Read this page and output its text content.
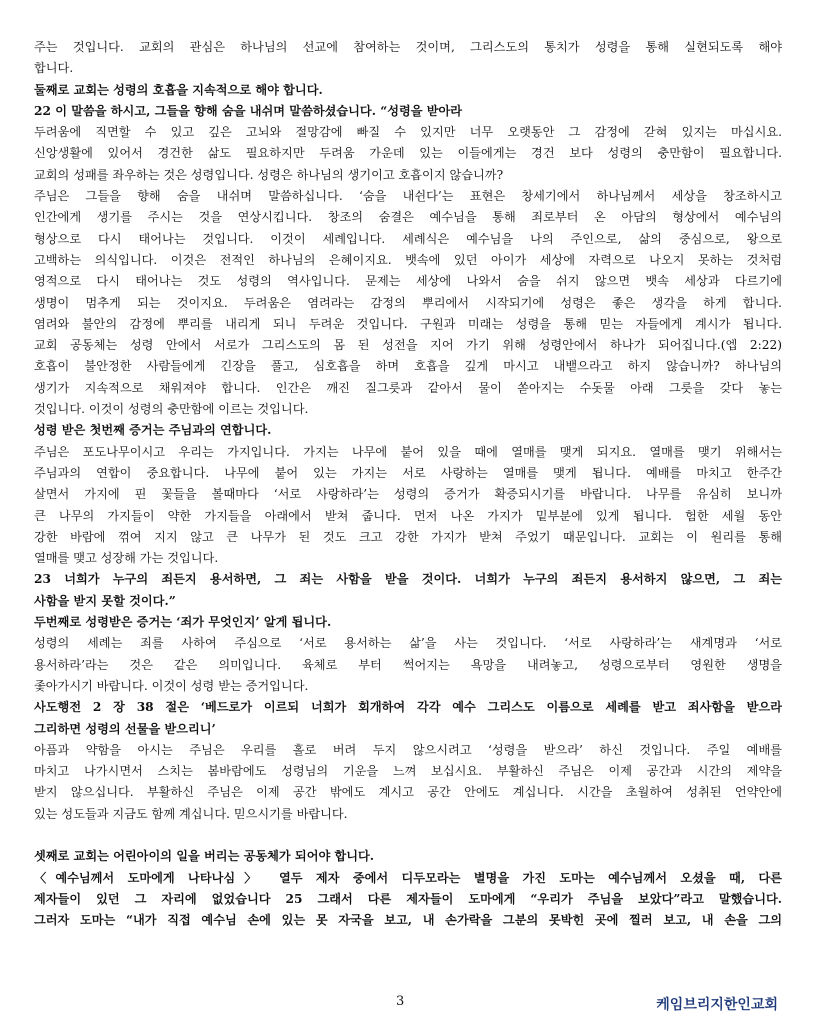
주는 것입니다. 교회의 관심은 하나님의 선교에 참여하는 것이며, 그리스도의 통치가 성령을 통해 실현되도록 해야
합니다.
둘째로 교회는 성령의 호흡을 지속적으로 해야 합니다.
22 이 말씀을 하시고, 그들을 향해 숨을 내쉬며 말씀하셨습니다. “성령을 받아라
두려움에 직면할 수 있고 깊은 고뇌와 절망감에 빠질 수 있지만 너무 오랫동안 그 감정에 갇혀 있지는 마십시요.
신앙생활에 있어서 경건한 삶도 필요하지만 두려움 가운데 있는 이들에게는 경건 보다 성령의 충만함이 필요합니다.
교회의 성패를 좌우하는 것은 성령입니다. 성령은 하나님의 생기이고 호흡이지 않습니까?
주님은 그들을 향해 숨을 내쉬며 말씀하십니다. ‘숨을 내쉰다’는 표현은 창세기에서 하나님께서 세상을 창조하시고
인간에게 생기를 주시는 것을 연상시킵니다. 창조의 숨결은 예수님을 통해 죄로부터 온 아담의 형상에서 예수님의
형상으로 다시 태어나는 것입니다. 이것이 세례입니다. 세례식은 예수님을 나의 주인으로, 삶의 중심으로, 왕으로
고백하는 의식입니다. 이것은 전적인 하나님의 은혜이지요. 뱃속에 있던 아이가 세상에 자력으로 나오지 못하는 것처럼
영적으로 다시 태어나는 것도 성령의 역사입니다. 문제는 세상에 나와서 숨을 쉬지 않으면 뱃속 세상과 다르기에
생명이 멈추게 되는 것이지요. 두려움은 염려라는 감정의 뿌리에서 시작되기에 성령은 좋은 생각을 하게 합니다.
염려와 불안의 감정에 뿌리를 내리게 되니 두려운 것입니다. 구원과 미래는 성령을 통해 믿는 자들에게 계시가 됩니다.
교회 공동체는 성령 안에서 서로가 그리스도의 몸 된 성전을 지어 가기 위해 성령안에서 하나가 되어집니다.(엡 2:22)
호흡이 불안정한 사람들에게 긴장을 풀고, 심호흡을 하며 호흡을 깊게 마시고 내뱉으라고 하지 않습니까? 하나님의
생기가 지속적으로 채워져야 합니다. 인간은 깨진 질그릇과 같아서 물이 쏟아지는 수돗물 아래 그릇을 갖다 놓는
것입니다. 이것이 성령의 충만함에 이르는 것입니다.
성령 받은 첫번째 증거는 주님과의 연합니다.
주님은 포도나무이시고 우리는 가지입니다. 가지는 나무에 붙어 있을 때에 열매를 맺게 되지요. 열매를 맺기 위해서는
주님과의 연합이 중요합니다. 나무에 붙어 있는 가지는 서로 사랑하는 열매를 맺게 됩니다. 예배를 마치고 한주간
살면서 가지에 핀 꽃들을 볼때마다 ‘서로 사랑하라’는 성령의 증거가 확증되시기를 바랍니다. 나무를 유심히 보니까
큰 나무의 가지들이 약한 가지들을 아래에서 받쳐 줍니다. 먼저 나온 가지가 밑부분에 있게 됩니다. 험한 세월 동안
강한 바람에 꺾여 지지 않고 큰 나무가 된 것도 크고 강한 가지가 받쳐 주었기 때문입니다. 교회는 이 원리를 통해
열매를 맺고 성장해 가는 것입니다.
23 너희가 누구의 죄든지 용서하면, 그 죄는 사함을 받을 것이다. 너희가 누구의 죄든지 용서하지 않으면, 그 죄는
사함을 받지 못할 것이다.”
두번째로 성령받은 증거는 ‘죄가 무엇인지’ 알게 됩니다.
성령의 세례는 죄를 사하여 주심으로 ‘서로 용서하는 삶’을 사는 것입니다. ‘서로 사랑하라’는 새계명과 ‘서로
용서하라’라는 것은 같은 의미입니다. 육체로 부터 썩어지는 욕망을 내려놓고, 성령으로부터 영원한 생명을
좇아가시기 바랍니다. 이것이 성령 받는 증거입니다.
사도행전 2 장 38 절은 ‘베드로가 이르되 너희가 회개하여 각각 예수 그리스도 이름으로 세례를 받고 죄사함을 받으라
그리하면 성령의 선물을 받으리니’
아픔과 약함을 아시는 주님은 우리를 홀로 버려 두지 않으시려고 ‘성령을 받으라’ 하신 것입니다. 주일 예배를
마치고 나가시면서 스치는 봄바람에도 성령님의 기운을 느껴 보십시요. 부활하신 주님은 이제 공간과 시간의 제약을
받지 않으십니다. 부활하신 주님은 이제 공간 밖에도 계시고 공간 안에도 계십니다. 시간을 초월하여 성취된 언약안에
있는 성도들과 지금도 함께 계십니다. 믿으시기를 바랍니다.
셋째로 교회는 어린아이의 일을 버리는 공동체가 되어야 합니다.
〈예수님께서 도마에게 나타나심〉 열두 제자 중에서 디두모라는 별명을 가진 도마는 예수님께서 오셨을 때, 다른
제자들이 있던 그 자리에 없었습니다 25 그래서 다른 제자들이 도마에게 “우리가 주님을 보았다”라고 말했습니다.
그러자 도마는 “내가 직접 예수님 손에 있는 못 자국을 보고, 내 손가락을 그분의 못박힌 곳에 찔러 보고, 내 손을 그의
3	케임브리지한인교회
